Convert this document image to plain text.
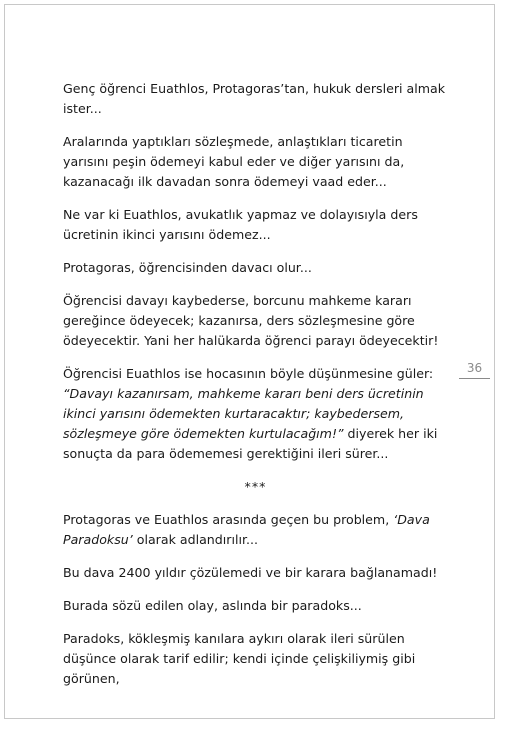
Genç öğrenci Euathlos, Protagoras’tan, hukuk dersleri almak ister...

Aralarında yaptıkları sözleşmede, anlaştıkları ticaretin yarısını peşin ödemeyi kabul eder ve diğer yarısını da, kazanacağı ilk davadan sonra ödemeyi vaad eder...

Ne var ki Euathlos, avukatlık yapmaz ve dolayısıyla ders ücretinin ikinci yarısını ödemez...

Protagoras, öğrencisinden davacı olur...

Öğrencisi davayı kaybederse, borcunu mahkeme kararı gereğince ödeyecek; kazanırsa, ders sözleşmesine göre ödeyecektir. Yani her halükarda öğrenci parayı ödeyecektir!

Öğrencisi Euathlos ise hocasının böyle düşünmesine güler: “Davayı kazanırsam, mahkeme kararı beni ders ücretinin ikinci yarısını ödemekten kurtaracaktır; kaybedersem, sözleşmeye göre ödemekten kurtulacağım!” diyerek her iki sonuçta da para ödememesi gerektiğini ileri sürer...

***

Protagoras ve Euathlos arasında geçen bu problem, ‘Dava Paradoksu’ olarak adlandırılır...

Bu dava 2400 yıldır çözülemedi ve bir karara bağlanamadı!

Burada sözü edilen olay, aslında bir paradoks...

Paradoks, kökleşmiş kanılara aykırı olarak ileri sürülen düşünce olarak tarif edilir; kendi içinde çelişkiliymiş gibi görünen,

36
